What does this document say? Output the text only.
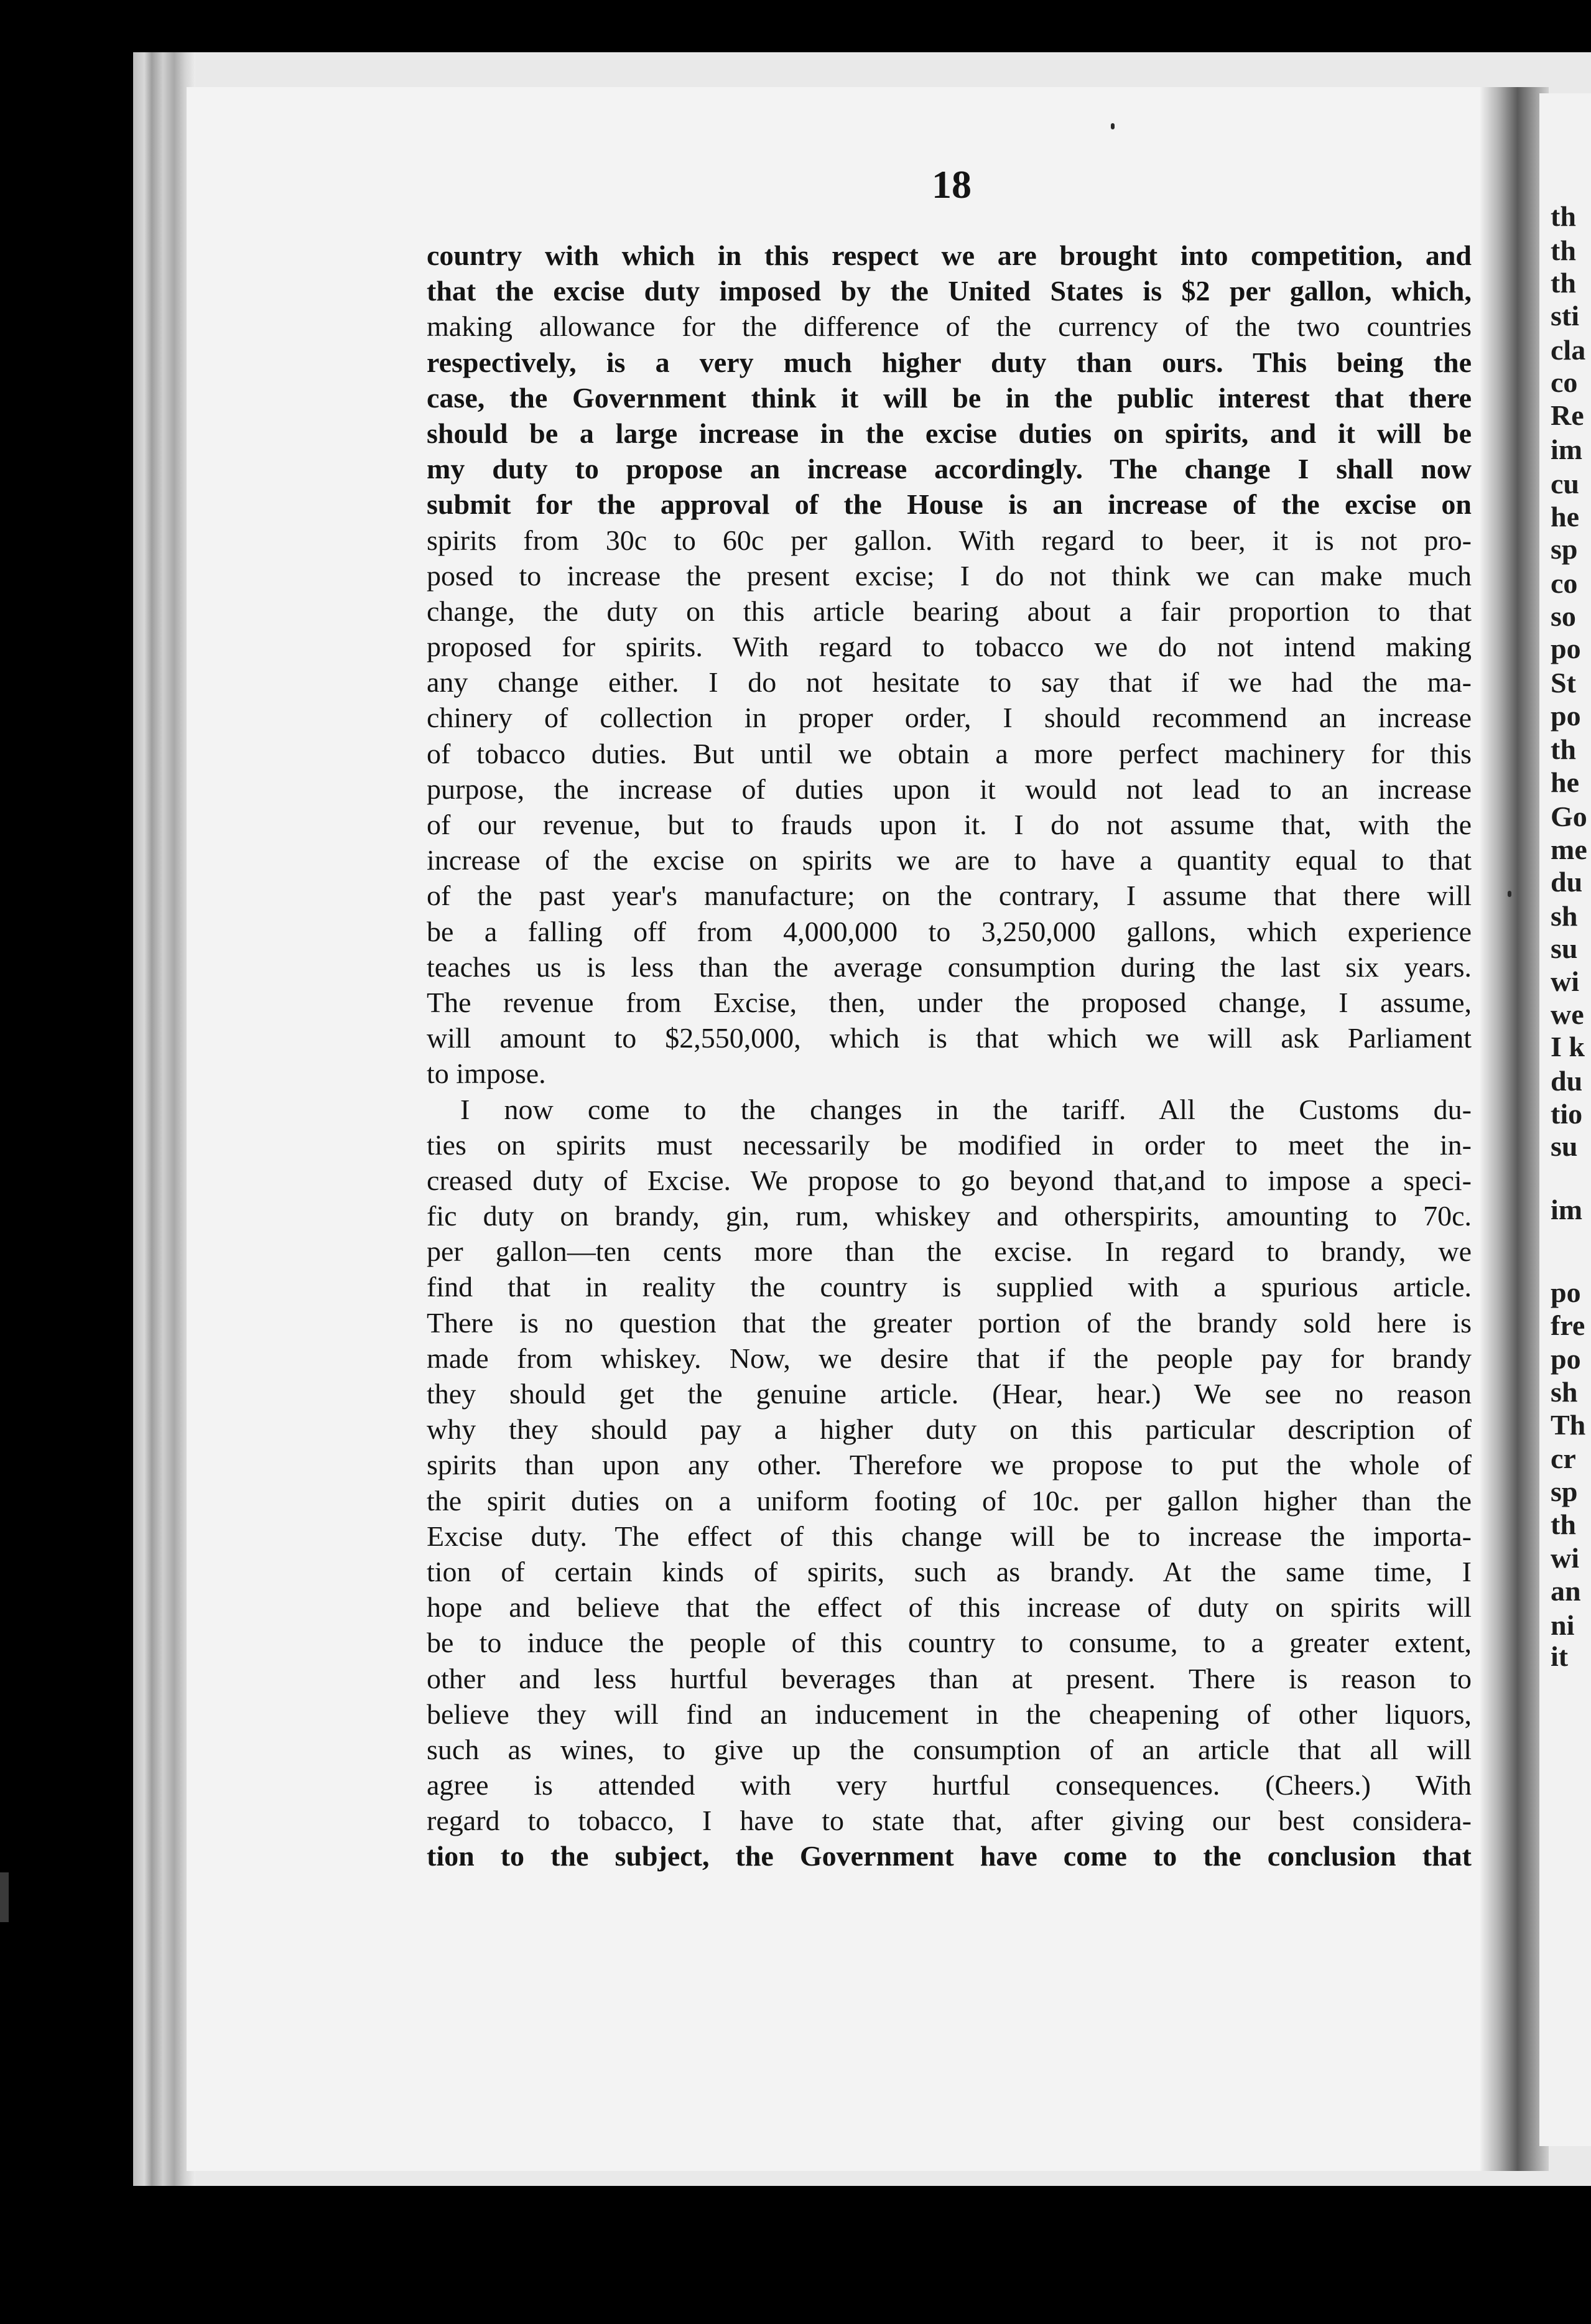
th
th
th
sti
cla
co
Re
im
cu
he
sp
co
so
po
St
po
th
he
Go
me
du
sh
su
wi
we
I k
du
tio
su
im
po
fre
po
sh
Th
cr
sp
th
wi
an
ni
it
18
country with which in this respect we are brought into competition, and
that the excise duty imposed by the United States is $2 per gallon, which,
making allowance for the difference of the currency of the two countries
respectively, is a very much higher duty than ours. This being the
case, the Government think it will be in the public interest that there
should be a large increase in the excise duties on spirits, and it will be
my duty to propose an increase accordingly. The change I shall now
submit for the approval of the House is an increase of the excise on
spirits from 30c to 60c per gallon. With regard to beer, it is not pro-
posed to increase the present excise; I do not think we can make much
change, the duty on this article bearing about a fair proportion to that
proposed for spirits. With regard to tobacco we do not intend making
any change either. I do not hesitate to say that if we had the ma-
chinery of collection in proper order, I should recommend an increase
of tobacco duties. But until we obtain a more perfect machinery for this
purpose, the increase of duties upon it would not lead to an increase
of our revenue, but to frauds upon it. I do not assume that, with the
increase of the excise on spirits we are to have a quantity equal to that
of the past year's manufacture; on the contrary, I assume that there will
be a falling off from 4,000,000 to 3,250,000 gallons, which experience
teaches us is less than the average consumption during the last six years.
The revenue from Excise, then, under the proposed change, I assume,
will amount to $2,550,000, which is that which we will ask Parliament
to impose.
I now come to the changes in the tariff. All the Customs du-
ties on spirits must necessarily be modified in order to meet the in-
creased duty of Excise. We propose to go beyond that,and to impose a speci-
fic duty on brandy, gin, rum, whiskey and otherspirits, amounting to 70c.
per gallon—ten cents more than the excise. In regard to brandy, we
find that in reality the country is supplied with a spurious article.
There is no question that the greater portion of the brandy sold here is
made from whiskey. Now, we desire that if the people pay for brandy
they should get the genuine article. (Hear, hear.) We see no reason
why they should pay a higher duty on this particular description of
spirits than upon any other. Therefore we propose to put the whole of
the spirit duties on a uniform footing of 10c. per gallon higher than the
Excise duty. The effect of this change will be to increase the importa-
tion of certain kinds of spirits, such as brandy. At the same time, I
hope and believe that the effect of this increase of duty on spirits will
be to induce the people of this country to consume, to a greater extent,
other and less hurtful beverages than at present. There is reason to
believe they will find an inducement in the cheapening of other liquors,
such as wines, to give up the consumption of an article that all will
agree is attended with very hurtful consequences. (Cheers.) With
regard to tobacco, I have to state that, after giving our best considera-
tion to the subject, the Government have come to the conclusion that
